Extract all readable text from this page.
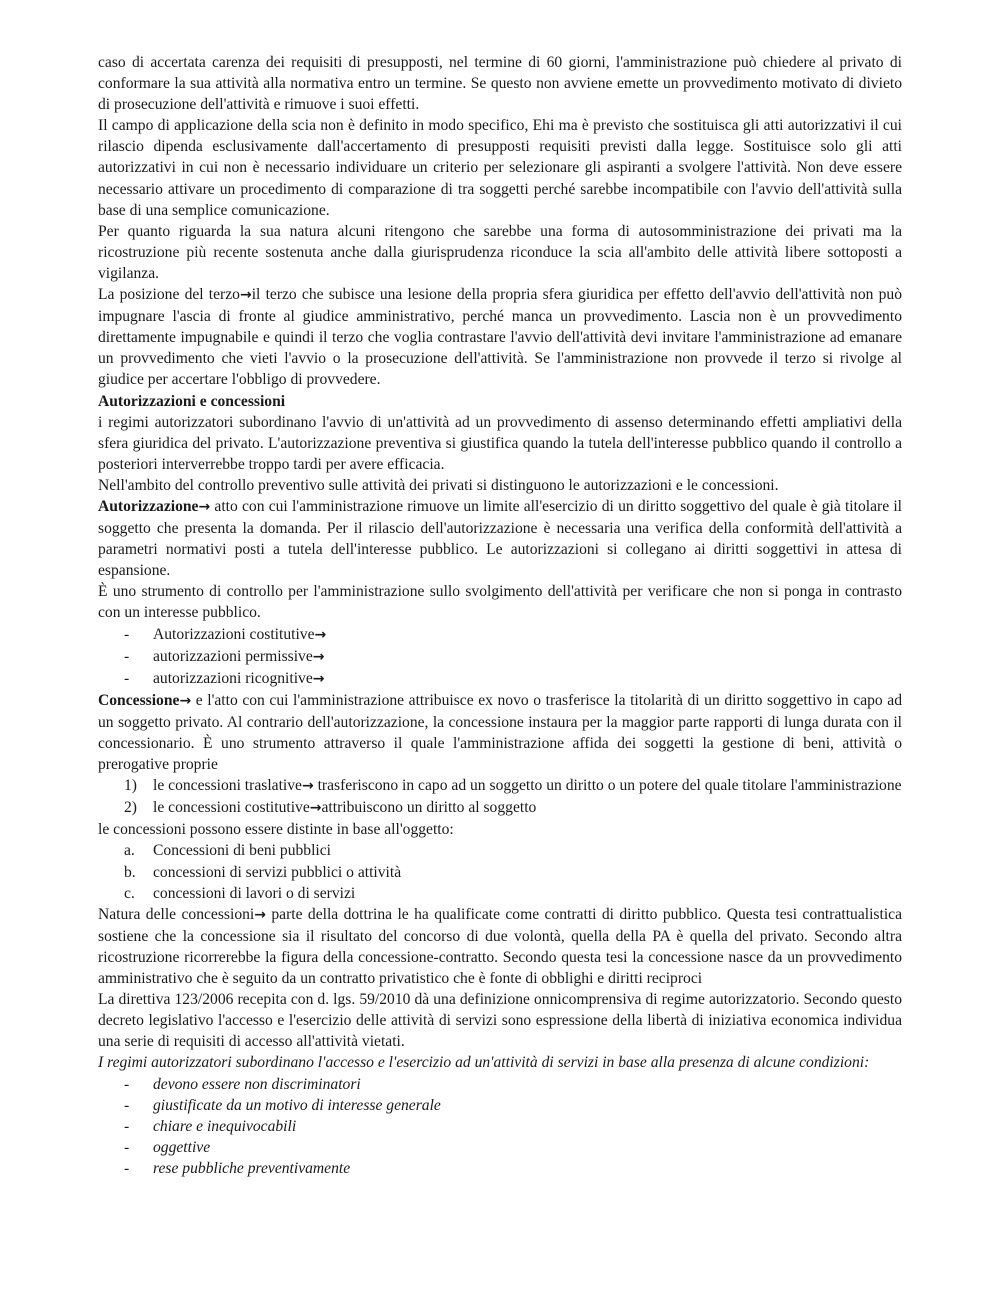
caso di accertata carenza dei requisiti di presupposti, nel termine di 60 giorni, l'amministrazione può chiedere al privato di conformare la sua attività alla normativa entro un termine. Se questo non avviene emette un provvedimento motivato di divieto di prosecuzione dell'attività e rimuove i suoi effetti.

Il campo di applicazione della scia non è definito in modo specifico, Ehi ma è previsto che sostituisca gli atti autorizzativi il cui rilascio dipenda esclusivamente dall'accertamento di presupposti requisiti previsti dalla legge. Sostituisce solo gli atti autorizzativi in cui non è necessario individuare un criterio per selezionare gli aspiranti a svolgere l'attività. Non deve essere necessario attivare un procedimento di comparazione di tra soggetti perché sarebbe incompatibile con l'avvio dell'attività sulla base di una semplice comunicazione.

Per quanto riguarda la sua natura alcuni ritengono che sarebbe una forma di autosomministrazione dei privati ma la ricostruzione più recente sostenuta anche dalla giurisprudenza riconduce la scia all'ambito delle attività libere sottoposti a vigilanza.

La posizione del terzo→il terzo che subisce una lesione della propria sfera giuridica per effetto dell'avvio dell'attività non può impugnare l'ascia di fronte al giudice amministrativo, perché manca un provvedimento. Lascia non è un provvedimento direttamente impugnabile e quindi il terzo che voglia contrastare l'avvio dell'attività devi invitare l'amministrazione ad emanare un provvedimento che vieti l'avvio o la prosecuzione dell'attività. Se l'amministrazione non provvede il terzo si rivolge al giudice per accertare l'obbligo di provvedere.

Autorizzazioni e concessioni

i regimi autorizzatori subordinano l'avvio di un'attività ad un provvedimento di assenso determinando effetti ampliativi della sfera giuridica del privato. L'autorizzazione preventiva si giustifica quando la tutela dell'interesse pubblico quando il controllo a posteriori interverrebbe troppo tardi per avere efficacia.

Nell'ambito del controllo preventivo sulle attività dei privati si distinguono le autorizzazioni e le concessioni.

Autorizzazione→ atto con cui l'amministrazione rimuove un limite all'esercizio di un diritto soggettivo del quale è già titolare il soggetto che presenta la domanda. Per il rilascio dell'autorizzazione è necessaria una verifica della conformità dell'attività a parametri normativi posti a tutela dell'interesse pubblico. Le autorizzazioni si collegano ai diritti soggettivi in attesa di espansione.

È uno strumento di controllo per l'amministrazione sullo svolgimento dell'attività per verificare che non si ponga in contrasto con un interesse pubblico.

- Autorizzazioni costitutive→

- autorizzazioni permissive→

- autorizzazioni ricognitive→

Concessione→ e l'atto con cui l'amministrazione attribuisce ex novo o trasferisce la titolarità di un diritto soggettivo in capo ad un soggetto privato. Al contrario dell'autorizzazione, la concessione instaura per la maggior parte rapporti di lunga durata con il concessionario. È uno strumento attraverso il quale l'amministrazione affida dei soggetti la gestione di beni, attività o prerogative proprie

1) le concessioni traslative→ trasferiscono in capo ad un soggetto un diritto o un potere del quale titolare l'amministrazione

2) le concessioni costitutive→attribuiscono un diritto al soggetto

le concessioni possono essere distinte in base all'oggetto:

a. Concessioni di beni pubblici

b. concessioni di servizi pubblici o attività

c. concessioni di lavori o di servizi

Natura delle concessioni→ parte della dottrina le ha qualificate come contratti di diritto pubblico. Questa tesi contrattualistica sostiene che la concessione sia il risultato del concorso di due volontà, quella della PA è quella del privato. Secondo altra ricostruzione ricorrerebbe la figura della concessione-contratto. Secondo questa tesi la concessione nasce da un provvedimento amministrativo che è seguito da un contratto privatistico che è fonte di obblighi e diritti reciproci

La direttiva 123/2006 recepita con d. lgs. 59/2010 dà una definizione onnicomprensiva di regime autorizzatorio. Secondo questo decreto legislativo l'accesso e l'esercizio delle attività di servizi sono espressione della libertà di iniziativa economica individua una serie di requisiti di accesso all'attività vietati.

I regimi autorizzatori subordinano l'accesso e l'esercizio ad un'attività di servizi in base alla presenza di alcune condizioni:

- devono essere non discriminatori

- giustificate da un motivo di interesse generale

- chiare e inequivocabili

- oggettive

- rese pubbliche preventivamente
